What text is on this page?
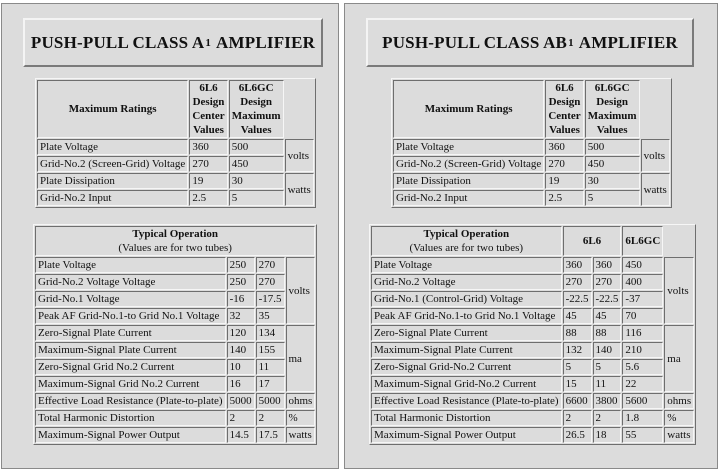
PUSH-PULL CLASS A 1 AMPLIFIER
Maximum Ratings	6L6
Design
Center
Values	6L6GC
Design
Maximum
Values	

Plate Voltage	360	500	volts
Grid-No.2 (Screen-Grid) Voltage	270	450	
Plate Dissipation	19	30	watts
Grid-No.2 Input	2.5	5	
Typical Operation
(Values are for two tubes)			

Plate Voltage	250	270	volts
Grid-No.2 Voltage Voltage	250	270	
Grid-No.1 Voltage	-16	-17.5	
Peak AF Grid-No.1-to Grid No.1 Voltage	32	35	
Zero-Signal Plate Current	120	134	ma
Maximum-Signal Plate Current	140	155	
Zero-Signal Grid No.2 Current	10	11	
Maximum-Signal Grid No.2 Current	16	17	
Effective Load Resistance (Plate-to-plate)	5000	5000	ohms
Total Harmonic Distortion	2	2	%
Maximum-Signal Power Output	14.5	17.5	watts
PUSH-PULL CLASS AB 1 AMPLIFIER
Maximum Ratings	6L6
Design
Center
Values	6L6GC
Design
Maximum
Values	

Plate Voltage	360	500	volts
Grid-No.2 (Screen-Grid) Voltage	270	450	
Plate Dissipation	19	30	watts
Grid-No.2 Input	2.5	5	
Typical Operation
(Values are for two tubes)	6L6		6L6GC	
Plate Voltage	360	360	450	volts
Grid-No.2 Voltage	270	270	400	
Grid-No.1 (Control-Grid) Voltage	-22.5	-22.5	-37	
Peak AF Grid-No.1-to Grid No.1 Voltage	45	45	70	
Zero-Signal Plate Current	88	88	116	ma
Maximum-Signal Plate Current	132	140	210	
Zero-Signal Grid-No.2 Current	5	5	5.6	
Maximum-Signal Grid-No.2 Current	15	11	22	
Effective Load Resistance (Plate-to-plate)	6600	3800	5600	ohms
Total Harmonic Distortion	2	2	1.8	%
Maximum-Signal Power Output	26.5	18	55	watts
